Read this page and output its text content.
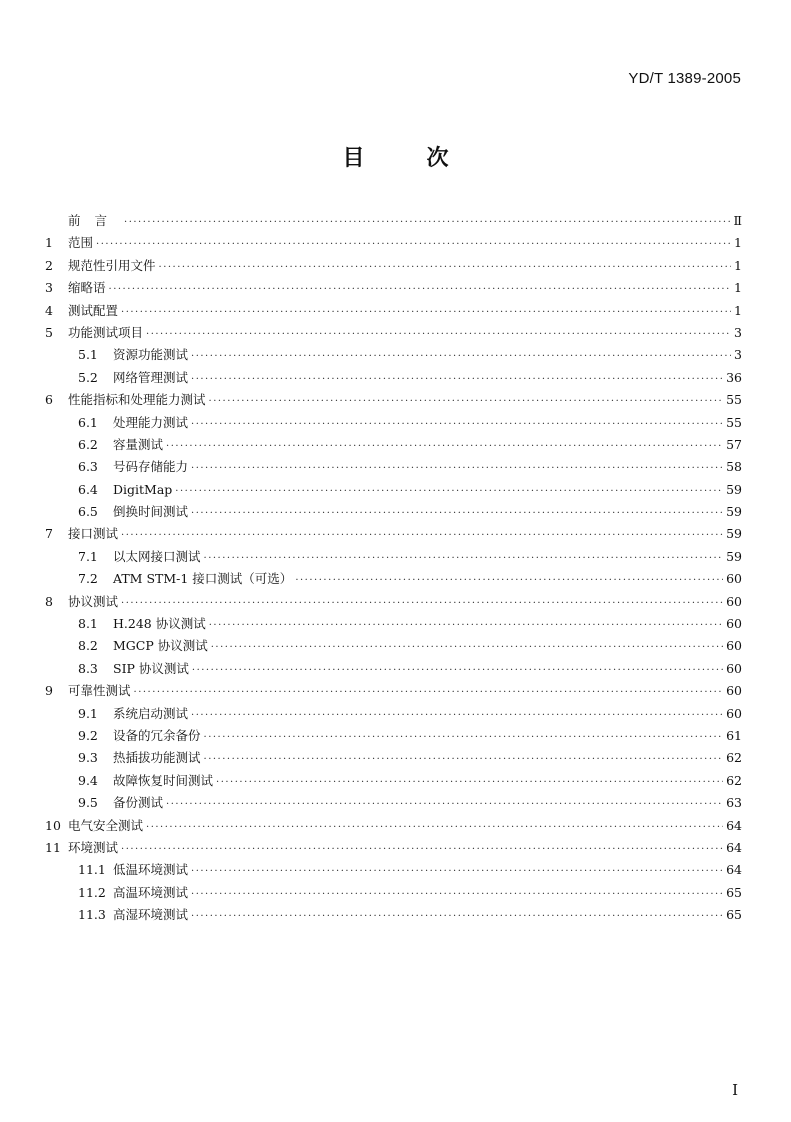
YD/T 1389-2005
目	次
前言 ·····	Ⅱ
1	范围 ·····	1
2	规范性引用文件 ·····	1
3	缩略语 ·····	1
4	测试配置 ·····	1
5	功能测试项目 ·····	3
5.1	资源功能测试 ·····	3
5.2	网络管理测试 ·····	36
6	性能指标和处理能力测试 ·····	55
6.1	处理能力测试 ·····	55
6.2	容量测试 ·····	57
6.3	号码存储能力 ·····	58
6.4	DigitMap ·····	59
6.5	倒换时间测试 ·····	59
7	接口测试 ·····	59
7.1	以太网接口测试 ·····	59
7.2	ATM STM-1 接口测试（可选） ·····	60
8	协议测试 ·····	60
8.1	H.248 协议测试 ·····	60
8.2	MGCP 协议测试 ·····	60
8.3	SIP 协议测试 ·····	60
9	可靠性测试 ·····	60
9.1	系统启动测试 ·····	60
9.2	设备的冗余备份 ·····	61
9.3	热插拔功能测试 ·····	62
9.4	故障恢复时间测试 ·····	62
9.5	备份测试 ·····	63
10 电气安全测试 ·····	64
11 环境测试 ·····	64
11.1 低温环境测试 ·····	64
11.2 高温环境测试 ·····	65
11.3 高湿环境测试 ·····	65
I
